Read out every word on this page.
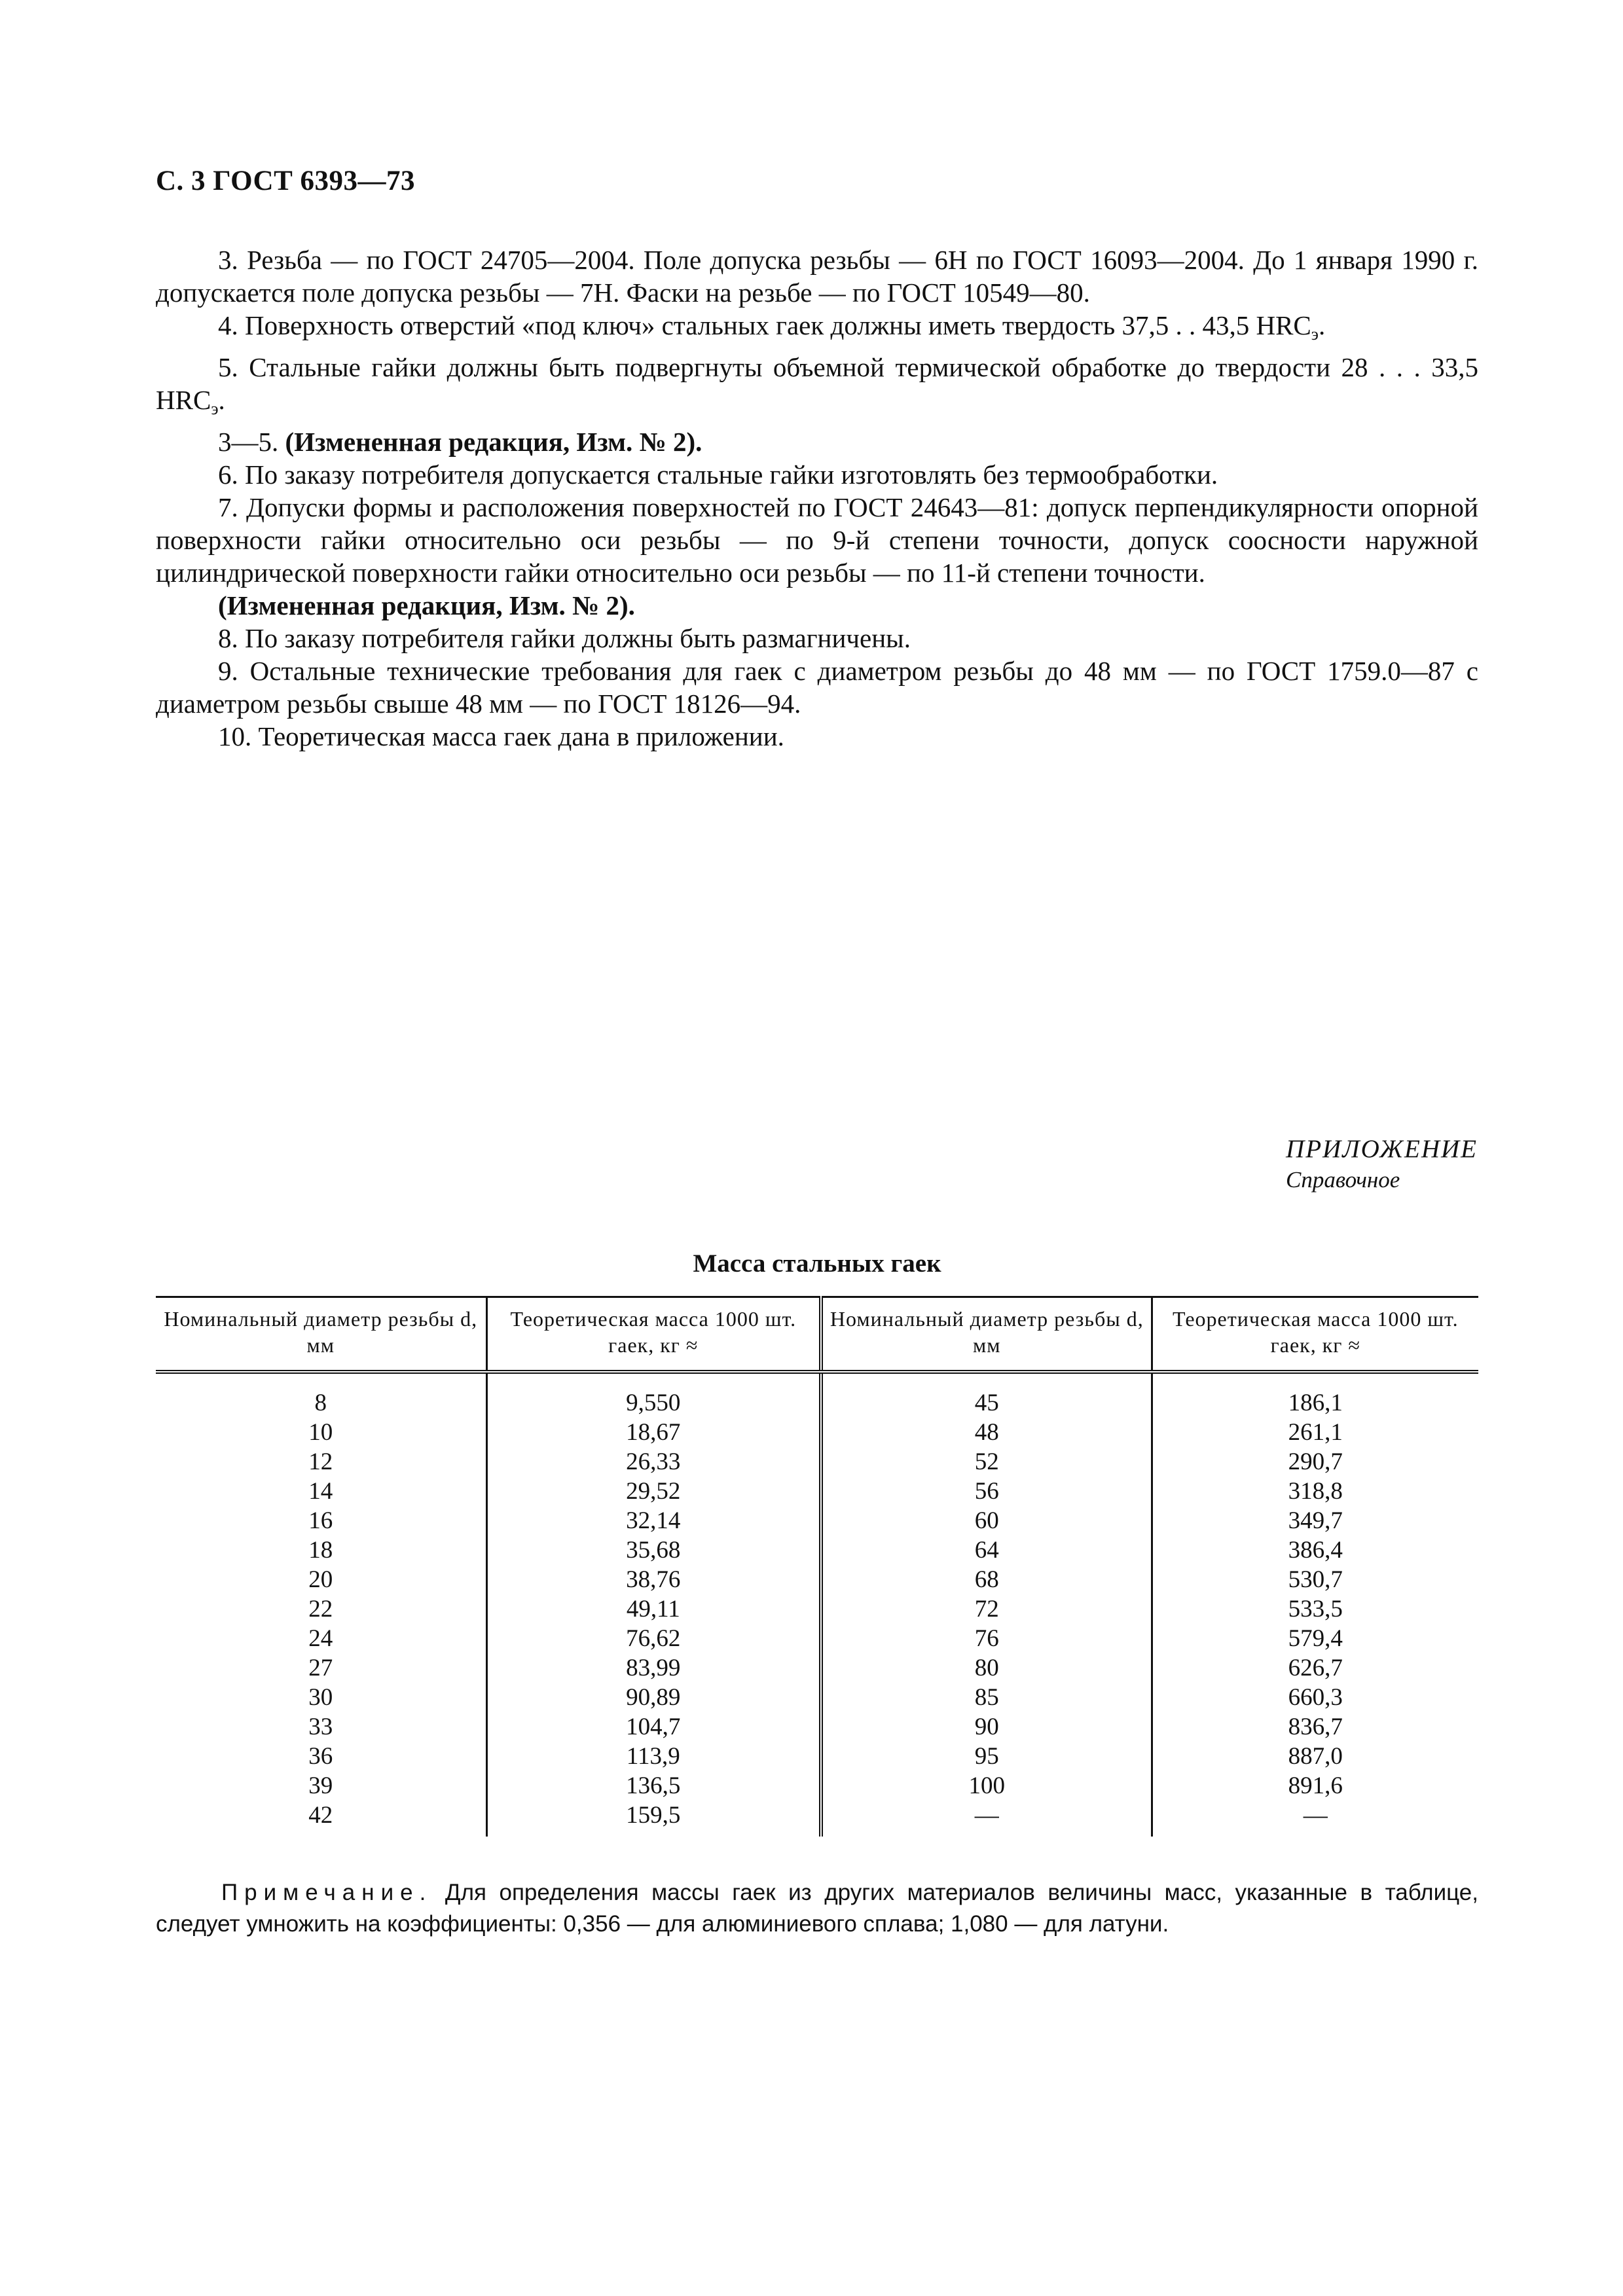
С. 3 ГОСТ 6393—73

3. Резьба — по ГОСТ 24705—2004. Поле допуска резьбы — 6Н по ГОСТ 16093—2004. До 1 января 1990 г. допускается поле допуска резьбы — 7Н. Фаски на резьбе — по ГОСТ 10549—80.

4. Поверхность отверстий «под ключ» стальных гаек должны иметь твердость 37,5 . . 43,5 $HRC_э$.

5. Стальные гайки должны быть подвергнуты объемной термической обработке до твердости 28 . . . 33,5 $HRC_э$.

3—5. (Измененная редакция, Изм. № 2).

6. По заказу потребителя допускается стальные гайки изготовлять без термообработки.

7. Допуски формы и расположения поверхностей по ГОСТ 24643—81: допуск перпендикулярности опорной поверхности гайки относительно оси резьбы — по 9-й степени точности, допуск соосности наружной цилиндрической поверхности гайки относительно оси резьбы — по 11-й степени точности.

(Измененная редакция, Изм. № 2).

8. По заказу потребителя гайки должны быть размагничены.

9. Остальные технические требования для гаек с диаметром резьбы до 48 мм — по ГОСТ 1759.0—87 с диаметром резьбы свыше 48 мм — по ГОСТ 18126—94.

10. Теоретическая масса гаек дана в приложении.

ПРИЛОЖЕНИЕ
Справочное
Масса стальных гаек
Номинальный диаметр резьбы d, мм	Теоретическая масса 1000 шт. гаек, кг ≈	Номинальный диаметр резьбы d, мм	Теоретическая масса 1000 шт. гаек, кг ≈
8	9,550	45	186,1
10	18,67	48	261,1
12	26,33	52	290,7
14	29,52	56	318,8
16	32,14	60	349,7
18	35,68	64	386,4
20	38,76	68	530,7
22	49,11	72	533,5
24	76,62	76	579,4
27	83,99	80	626,7
30	90,89	85	660,3
33	104,7	90	836,7
36	113,9	95	887,0
39	136,5	100	891,6
42	159,5	—	—
Примечание. Для определения массы гаек из других материалов величины масс, указанные в таблице, следует умножить на коэффициенты: 0,356 — для алюминиевого сплава; 1,080 — для латуни.
